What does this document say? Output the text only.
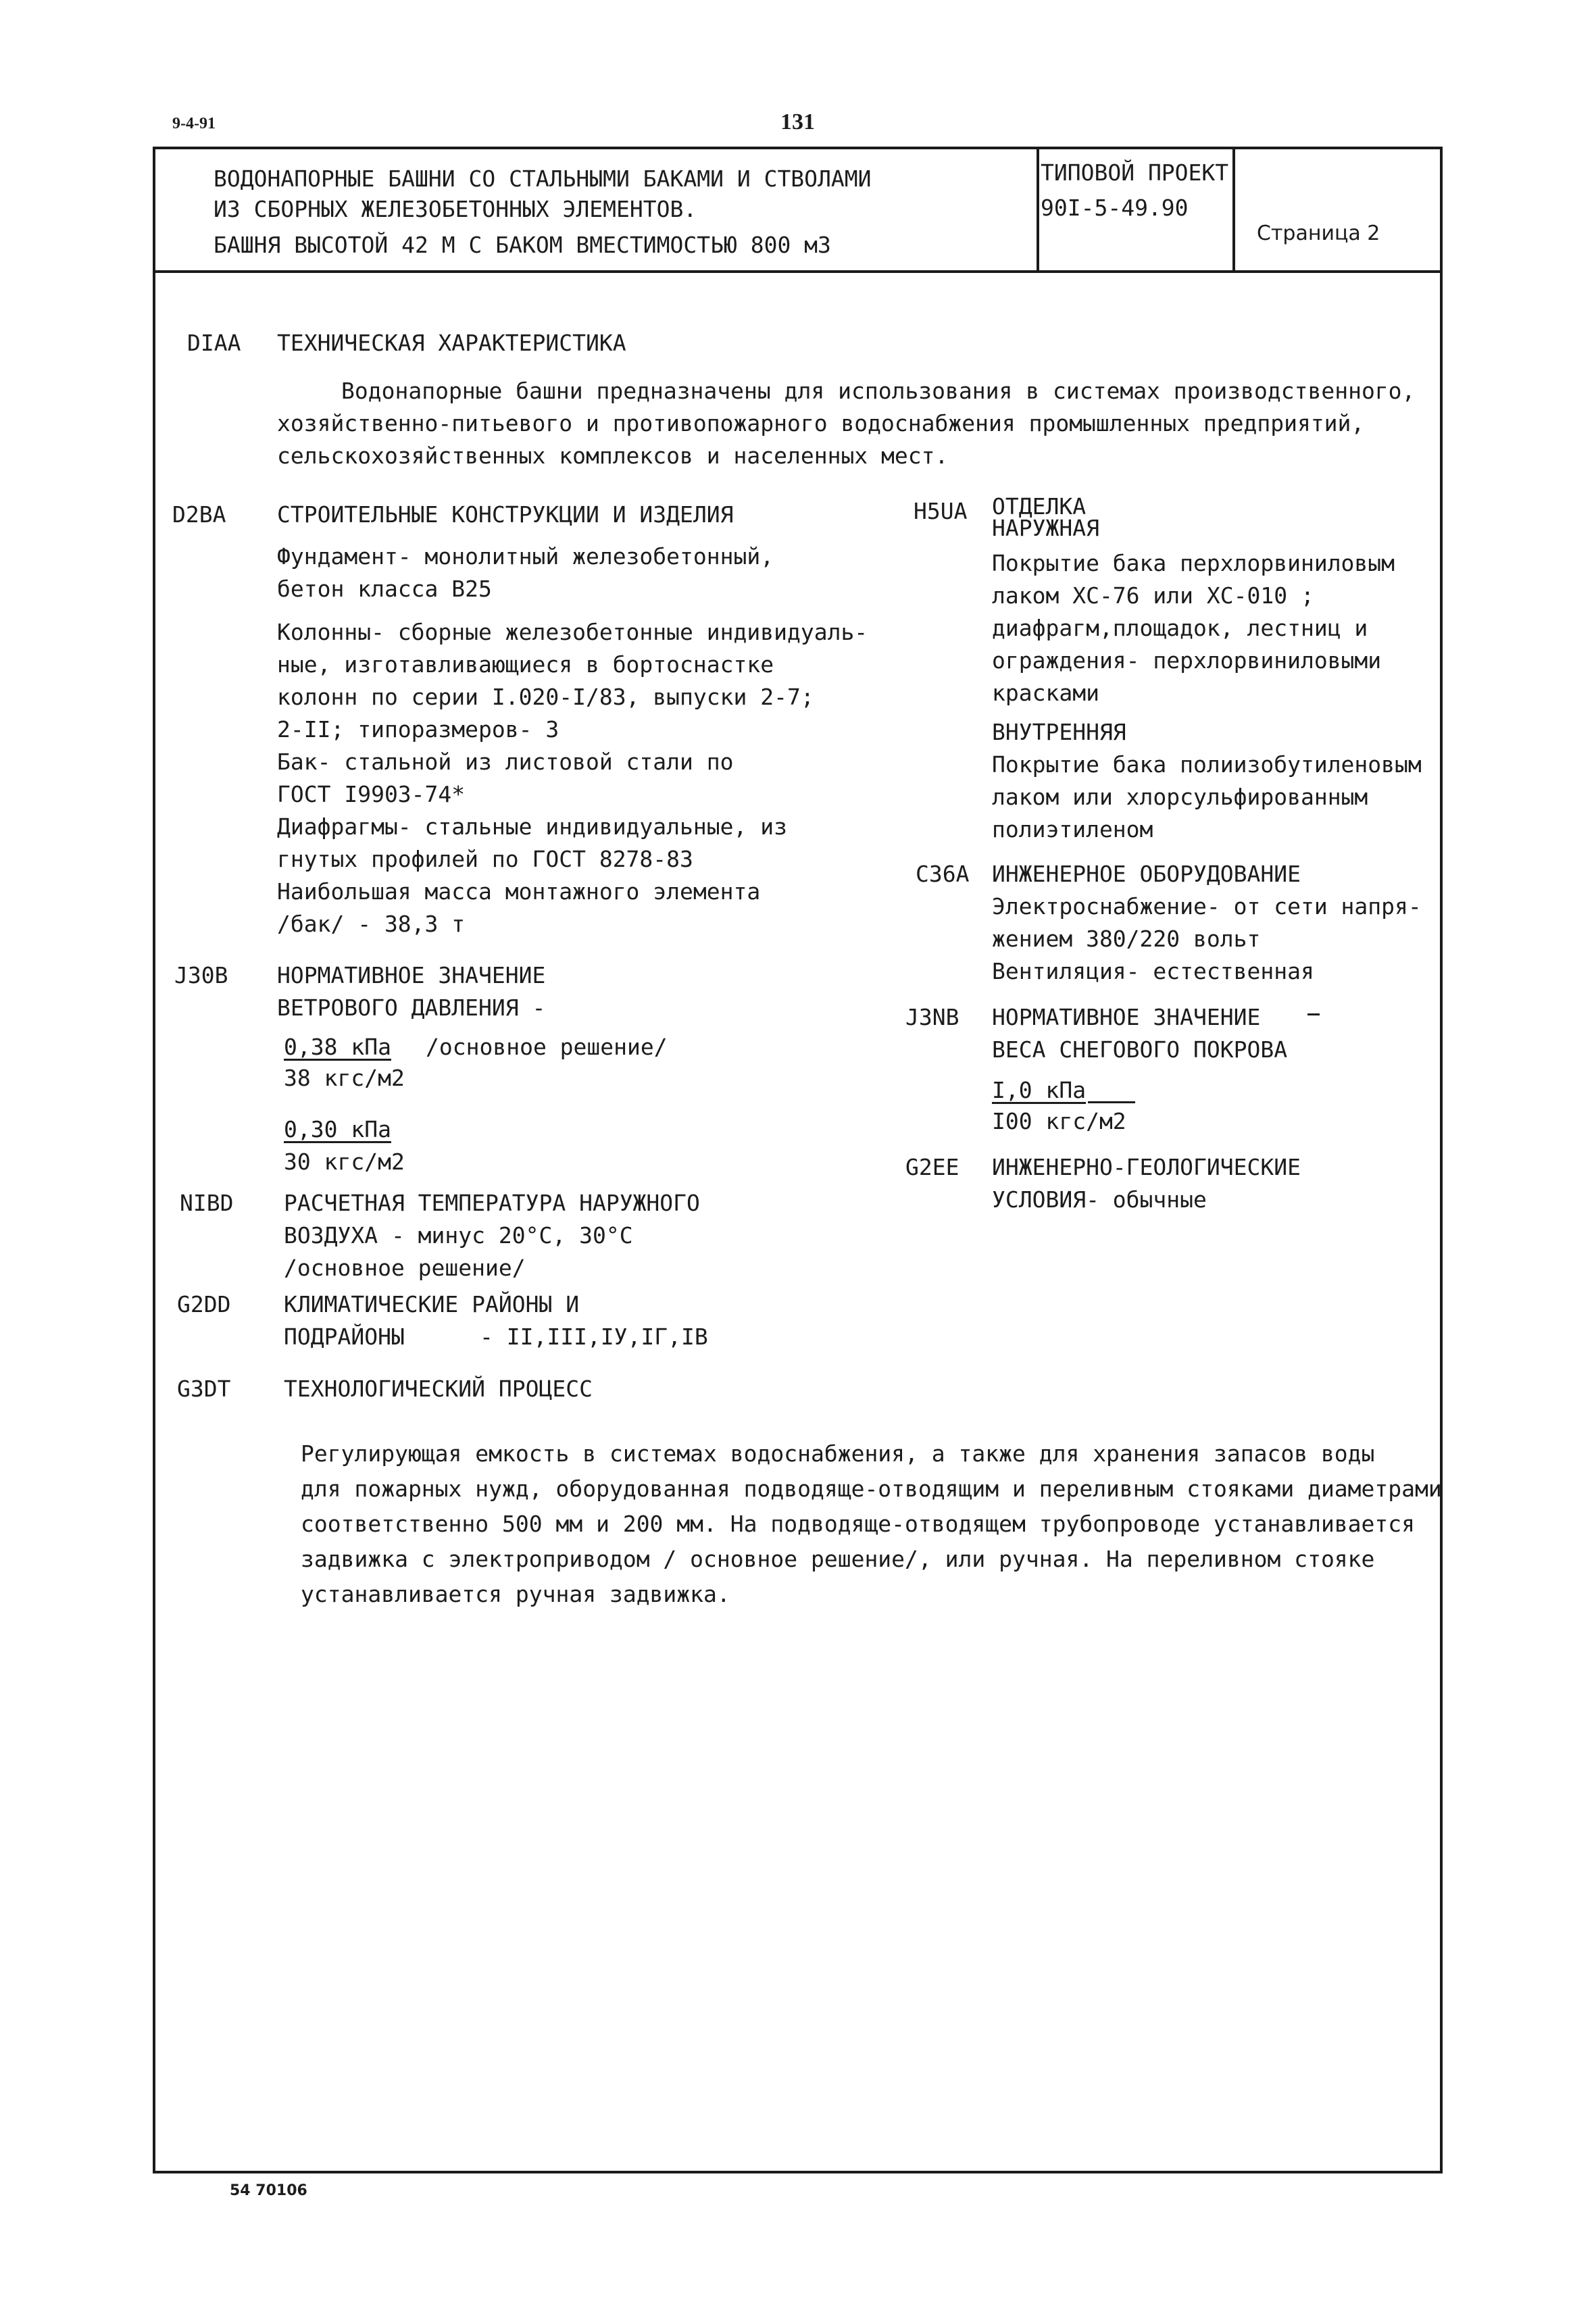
9-4-91	131
ВОДОНАПОРНЫЕ БАШНИ СО СТАЛЬНЫМИ БАКАМИ И СТВОЛАМИ
ИЗ СБОРНЫХ ЖЕЛЕЗОБЕТОННЫХ ЭЛЕМЕНТОВ.
БАШНЯ ВЫСОТОЙ 42 М С БАКОМ ВМЕСТИМОСТЬЮ 800 м3
ТИПОВОЙ ПРОЕКТ
90I-5-49.90
Страница 2
DIAA ТЕХНИЧЕСКАЯ ХАРАКТЕРИСТИКА
Водонапорные башни предназначены для использования в системах производственного,
хозяйственно-питьевого и противопожарного водоснабжения промышленных предприятий,
сельскохозяйственных комплексов и населенных мест.
D2BA СТРОИТЕЛЬНЫЕ КОНСТРУКЦИИ И ИЗДЕЛИЯ
Фундамент- монолитный железобетонный,
бетон класса В25
Колонны- сборные железобетонные индивидуаль-
ные, изготавливающиеся в бортоснастке
колонн по серии I.020-I/83, выпуски 2-7;
2-II; типоразмеров- 3
Бак- стальной из листовой стали по
ГОСТ I9903-74*
Диафрагмы- стальные индивидуальные, из
гнутых профилей по ГОСТ 8278-83
Наибольшая масса монтажного элемента
/бак/ - 38,3 т
J30B НОРМАТИВНОЕ ЗНАЧЕНИЕ
ВЕТРОВОГО ДАВЛЕНИЯ -
0,38 кПа /основное решение/
38 кгс/м2
0,30 кПа
30 кгс/м2
NIBD РАСЧЕТНАЯ ТЕМПЕРАТУРА НАРУЖНОГО
ВОЗДУХА - минус 20°С, 30°С
/основное решение/
G2DD КЛИМАТИЧЕСКИЕ РАЙОНЫ И
ПОДРАЙОНЫ	- II,III,IУ,IГ,IВ
G3DT ТЕХНОЛОГИЧЕСКИЙ ПРОЦЕСС
Регулирующая емкость в системах водоснабжения, а также для хранения запасов воды
для пожарных нужд, оборудованная подводяще-отводящим и переливным стояками диаметрами
соответственно 500 мм и 200 мм. На подводяще-отводящем трубопроводе устанавливается
задвижка с электроприводом / основное решение/, или ручная. На переливном стояке
устанавливается ручная задвижка.
H5UA ОТДЕЛКА
НАРУЖНАЯ
Покрытие бака перхлорвиниловым
лаком ХС-76 или ХС-010 ;
диафрагм,площадок, лестниц и
ограждения- перхлорвиниловыми
красками
ВНУТРЕННЯЯ
Покрытие бака полиизобутиленовым
лаком или хлорсульфированным
полиэтиленом
C36A ИНЖЕНЕРНОЕ ОБОРУДОВАНИЕ
Электроснабжение- от сети напря-
жением 380/220 вольт
Вентиляция- естественная
J3NB НОРМАТИВНОЕ ЗНАЧЕНИЕ
ВЕСА СНЕГОВОГО ПОКРОВА
I,0 кПа
I00 кгс/м2
G2EE ИНЖЕНЕРНО-ГЕОЛОГИЧЕСКИЕ
УСЛОВИЯ- обычные
54 70106
